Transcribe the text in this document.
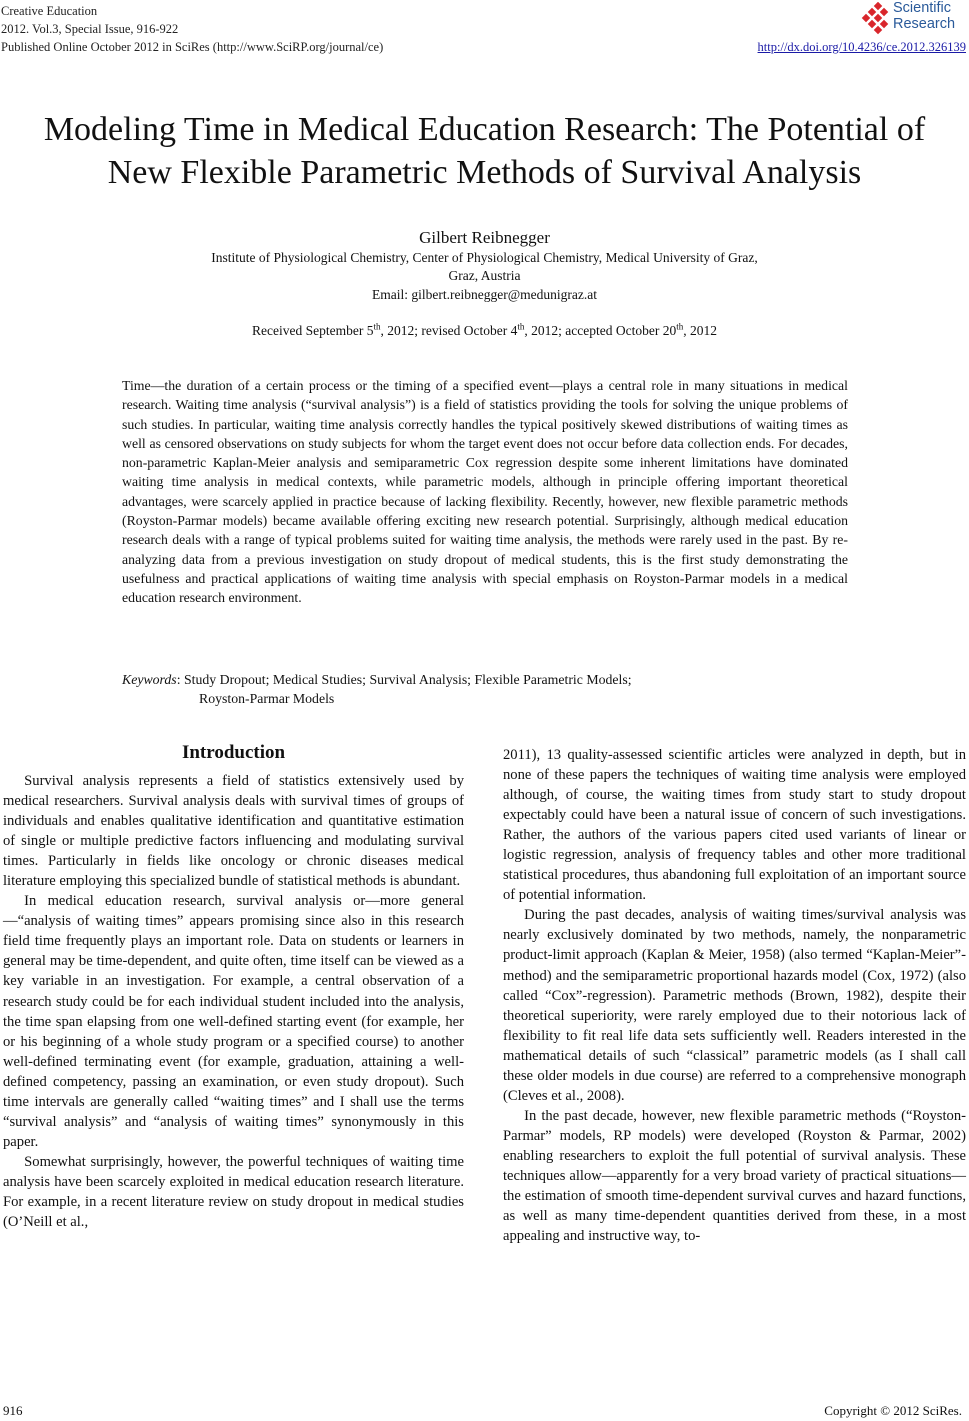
Creative Education
2012. Vol.3, Special Issue, 916-922
Published Online October 2012 in SciRes (http://www.SciRP.org/journal/ce)	http://dx.doi.org/10.4236/ce.2012.326139
Scientific
Research
Modeling Time in Medical Education Research: The Potential of
New Flexible Parametric Methods of Survival Analysis
Gilbert Reibnegger
Institute of Physiological Chemistry, Center of Physiological Chemistry, Medical University of Graz,
Graz, Austria
Email: gilbert.reibnegger@medunigraz.at
Received September 5th, 2012; revised October 4th, 2012; accepted October 20th, 2012
Time—the duration of a certain process or the timing of a specified event—plays a central role in many situations in medical research. Waiting time analysis (“survival analysis”) is a field of statistics providing the tools for solving the unique problems of such studies. In particular, waiting time analysis correctly handles the typical positively skewed distributions of waiting times as well as censored observations on study subjects for whom the target event does not occur before data collection ends. For decades, non-parametric Kaplan-Meier analysis and semiparametric Cox regression despite some inherent limitations have dominated waiting time analysis in medical contexts, while parametric models, although in principle offering important theoretical advantages, were scarcely applied in practice because of lacking flexibility. Recently, however, new flexible parametric methods (Royston-Parmar models) became available offering exciting new research potential. Surprisingly, although medical education research deals with a range of typical problems suited for waiting time analysis, the methods were rarely used in the past. By re-analyzing data from a previous investigation on study dropout of medical students, this is the first study demonstrating the usefulness and practical applications of waiting time analysis with special emphasis on Royston-Parmar models in a medical education research environment.
Keywords: Study Dropout; Medical Studies; Survival Analysis; Flexible Parametric Models;
Royston-Parmar Models
Introduction

Survival analysis represents a field of statistics extensively used by medical researchers. Survival analysis deals with survival times of groups of individuals and enables qualitative identification and quantitative estimation of single or multiple predictive factors influencing and modulating survival times. Particularly in fields like oncology or chronic diseases medical literature employing this specialized bundle of statistical methods is abundant.

In medical education research, survival analysis or—more general—“analysis of waiting times” appears promising since also in this research field time frequently plays an important role. Data on students or learners in general may be time-dependent, and quite often, time itself can be viewed as a key variable in an investigation. For example, a central observation of a research study could be for each individual student included into the analysis, the time span elapsing from one well-defined starting event (for example, her or his beginning of a whole study program or a specified course) to another well-defined terminating event (for example, graduation, attaining a well-defined competency, passing an examination, or even study dropout). Such time intervals are generally called “waiting times” and I shall use the terms “survival analysis” and “analysis of waiting times” synonymously in this paper.

Somewhat surprisingly, however, the powerful techniques of waiting time analysis have been scarcely exploited in medical education research literature. For example, in a recent literature review on study dropout in medical studies (O’Neill et al.,

2011), 13 quality-assessed scientific articles were analyzed in depth, but in none of these papers the techniques of waiting time analysis were employed although, of course, the waiting times from study start to study dropout expectably could have been a natural issue of concern of such investigations. Rather, the authors of the various papers cited used variants of linear or logistic regression, analysis of frequency tables and other more traditional statistical procedures, thus abandoning full exploitation of an important source of potential information.

During the past decades, analysis of waiting times/survival analysis was nearly exclusively dominated by two methods, namely, the nonparametric product-limit approach (Kaplan & Meier, 1958) (also termed “Kaplan-Meier”-method) and the semiparametric proportional hazards model (Cox, 1972) (also called “Cox”-regression). Parametric methods (Brown, 1982), despite their theoretical superiority, were rarely employed due to their notorious lack of flexibility to fit real life data sets sufficiently well. Readers interested in the mathematical details of such “classical” parametric models (as I shall call these older models in due course) are referred to a comprehensive monograph (Cleves et al., 2008).

In the past decade, however, new flexible parametric methods (“Royston-Parmar” models, RP models) were developed (Royston & Parmar, 2002) enabling researchers to exploit the full potential of survival analysis. These techniques allow—apparently for a very broad variety of practical situations—the estimation of smooth time-dependent survival curves and hazard functions, as well as many time-dependent quantities derived from these, in a most appealing and instructive way, to-

916	Copyright © 2012 SciRes.
